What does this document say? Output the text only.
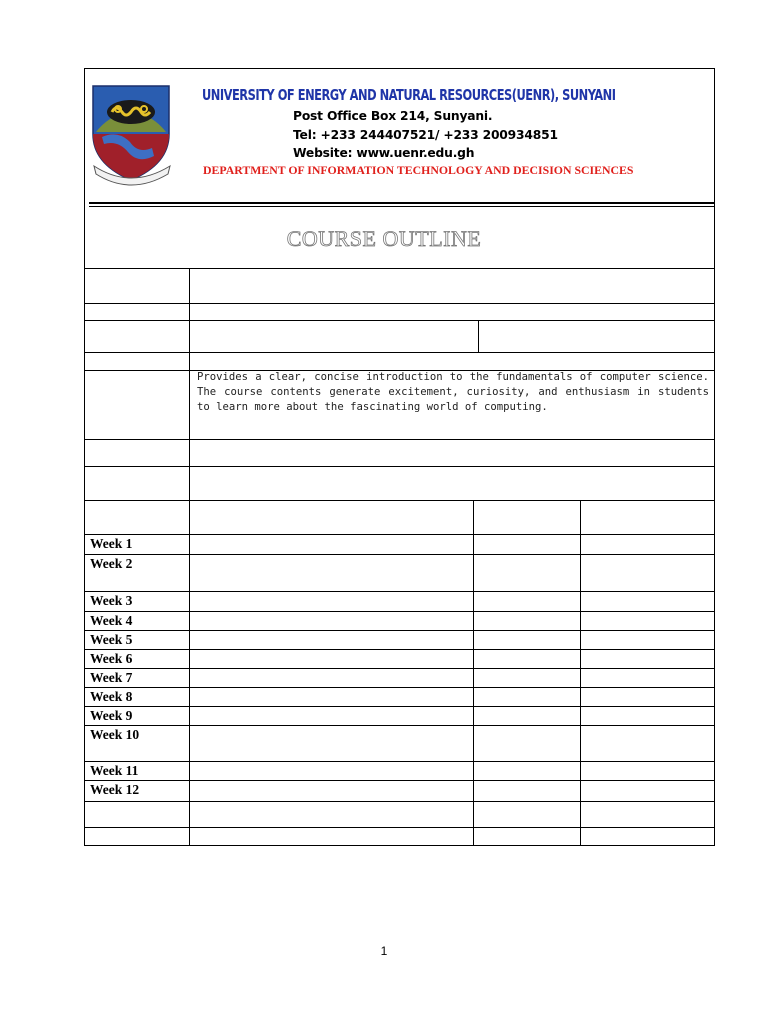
UNIVERSITY OF ENERGY AND NATURAL RESOURCES(UENR), SUNYANI
Post Office Box 214, Sunyani.
Tel: +233 244407521/ +233 200934851
Website: www.uenr.edu.gh
DEPARTMENT OF INFORMATION TECHNOLOGY AND DECISION SCIENCES
COURSE OUTLINE
Provides a clear, concise introduction to the fundamentals of computer science. The course contents generate excitement, curiosity, and enthusiasm in students to learn more about the fascinating world of computing.
Week 1
Week 2
Week 3
Week 4
Week 5
Week 6
Week 7
Week 8
Week 9
Week 10
Week 11
Week 12
1
